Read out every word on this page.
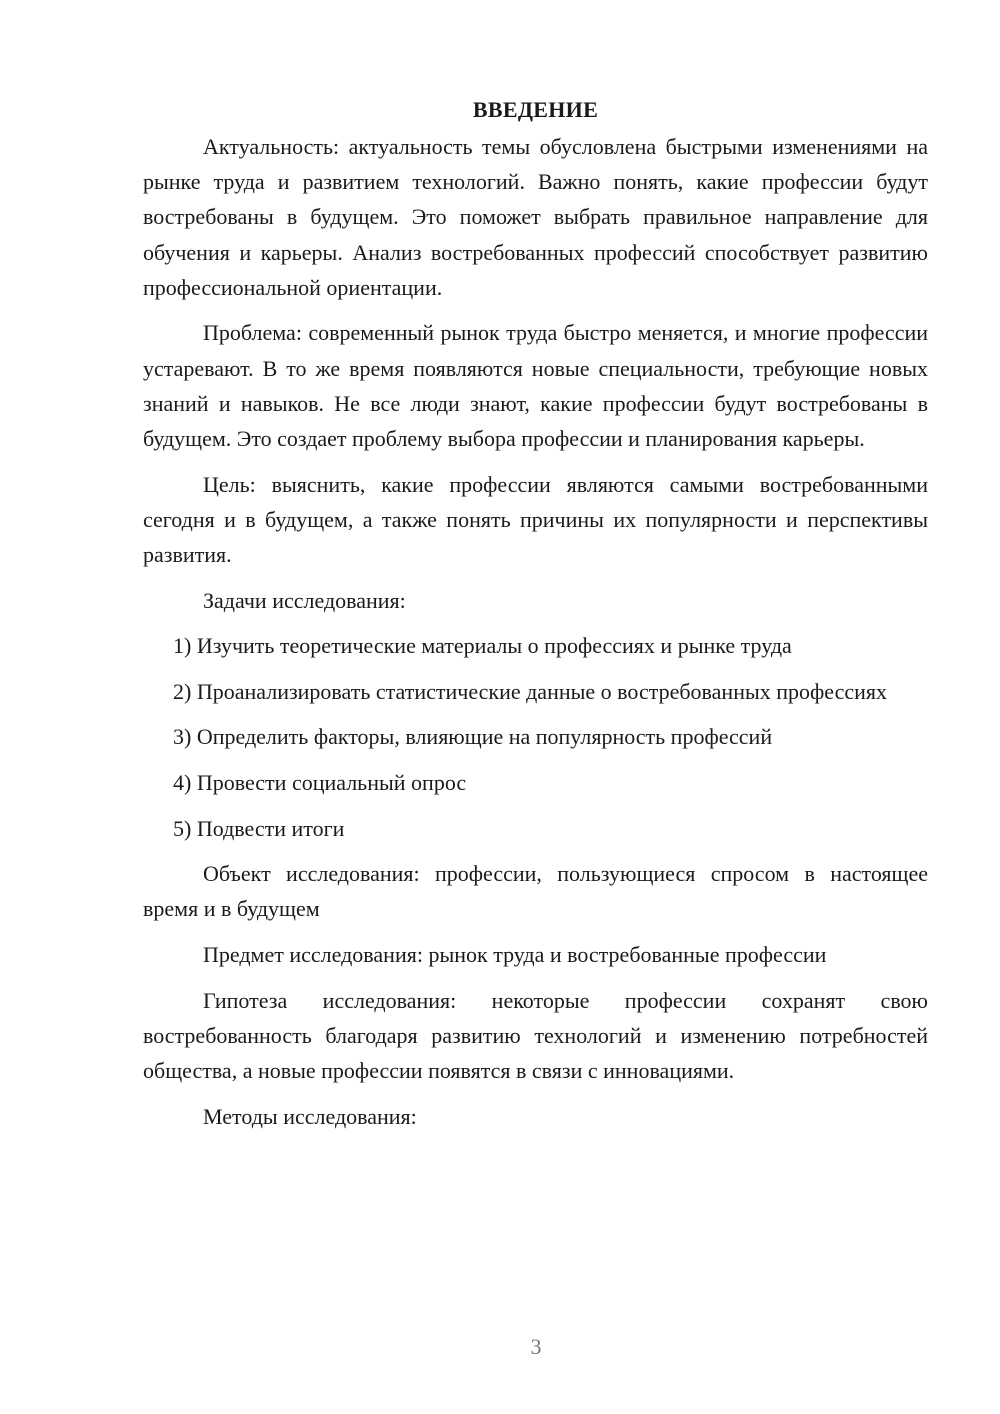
ВВЕДЕНИЕ

Актуальность: актуальность темы обусловлена быстрыми изменениями на рынке труда и развитием технологий. Важно понять, какие профессии будут востребованы в будущем. Это поможет выбрать правильное направление для обучения и карьеры. Анализ востребованных профессий способствует развитию профессиональной ориентации.

Проблема: современный рынок труда быстро меняется, и многие профессии устаревают. В то же время появляются новые специальности, требующие новых знаний и навыков. Не все люди знают, какие профессии будут востребованы в будущем. Это создает проблему выбора профессии и планирования карьеры.

Цель: выяснить, какие профессии являются самыми востребованными сегодня и в будущем, а также понять причины их популярности и перспективы развития.

Задачи исследования:

1) Изучить теоретические материалы о профессиях и рынке труда

2) Проанализировать статистические данные о востребованных профессиях

3) Определить факторы, влияющие на популярность профессий

4) Провести социальный опрос

5) Подвести итоги

Объект исследования: профессии, пользующиеся спросом в настоящее время и в будущем

Предмет исследования: рынок труда и востребованные профессии

Гипотеза исследования: некоторые профессии сохранят свою востребованность благодаря развитию технологий и изменению потребностей общества, а новые профессии появятся в связи с инновациями.

Методы исследования:

3
